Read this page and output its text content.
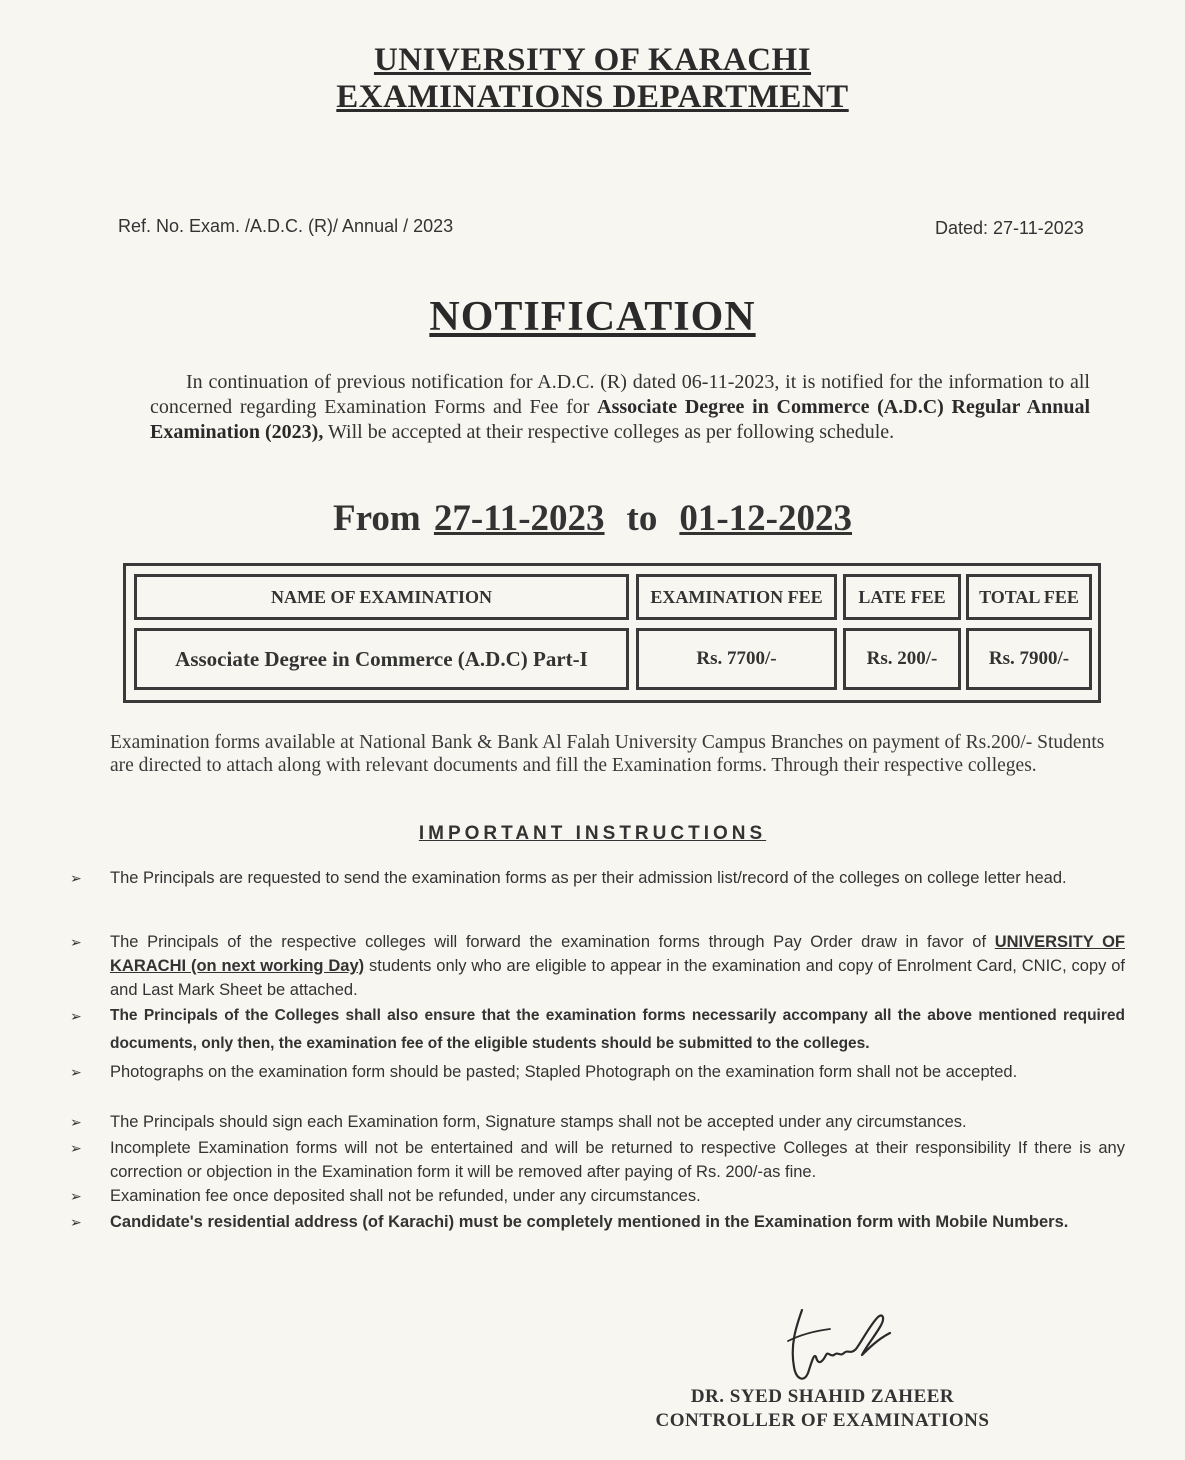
UNIVERSITY OF KARACHI
EXAMINATIONS DEPARTMENT
Ref. No. Exam. /A.D.C. (R)/ Annual / 2023	Dated: 27-11-2023
NOTIFICATION
In continuation of previous notification for A.D.C. (R) dated 06-11-2023, it is notified for the information to all concerned regarding Examination Forms and Fee for Associate Degree in Commerce (A.D.C) Regular Annual Examination (2023), Will be accepted at their respective colleges as per following schedule.
From 27-11-2023 to 01-12-2023
NAME OF EXAMINATION	EXAMINATION FEE	LATE FEE	TOTAL FEE
Associate Degree in Commerce (A.D.C) Part-I	Rs. 7700/-	Rs. 200/-	Rs. 7900/-
Examination forms available at National Bank & Bank Al Falah University Campus Branches on payment of Rs.200/- Students are directed to attach along with relevant documents and fill the Examination forms. Through their respective colleges.
IMPORTANT INSTRUCTIONS
➢ The Principals are requested to send the examination forms as per their admission list/record of the colleges on college letter head.
➢ The Principals of the respective colleges will forward the examination forms through Pay Order draw in favor of UNIVERSITY OF KARACHI (on next working Day) students only who are eligible to appear in the examination and copy of Enrolment Card, CNIC, copy of and Last Mark Sheet be attached.
➢ The Principals of the Colleges shall also ensure that the examination forms necessarily accompany all the above mentioned required documents, only then, the examination fee of the eligible students should be submitted to the colleges.
➢ Photographs on the examination form should be pasted; Stapled Photograph on the examination form shall not be accepted.
➢ The Principals should sign each Examination form, Signature stamps shall not be accepted under any circumstances.
➢ Incomplete Examination forms will not be entertained and will be returned to respective Colleges at their responsibility If there is any correction or objection in the Examination form it will be removed after paying of Rs. 200/-as fine.
➢ Examination fee once deposited shall not be refunded, under any circumstances.
➢ Candidate's residential address (of Karachi) must be completely mentioned in the Examination form with Mobile Numbers.
DR. SYED SHAHID ZAHEER
CONTROLLER OF EXAMINATIONS
